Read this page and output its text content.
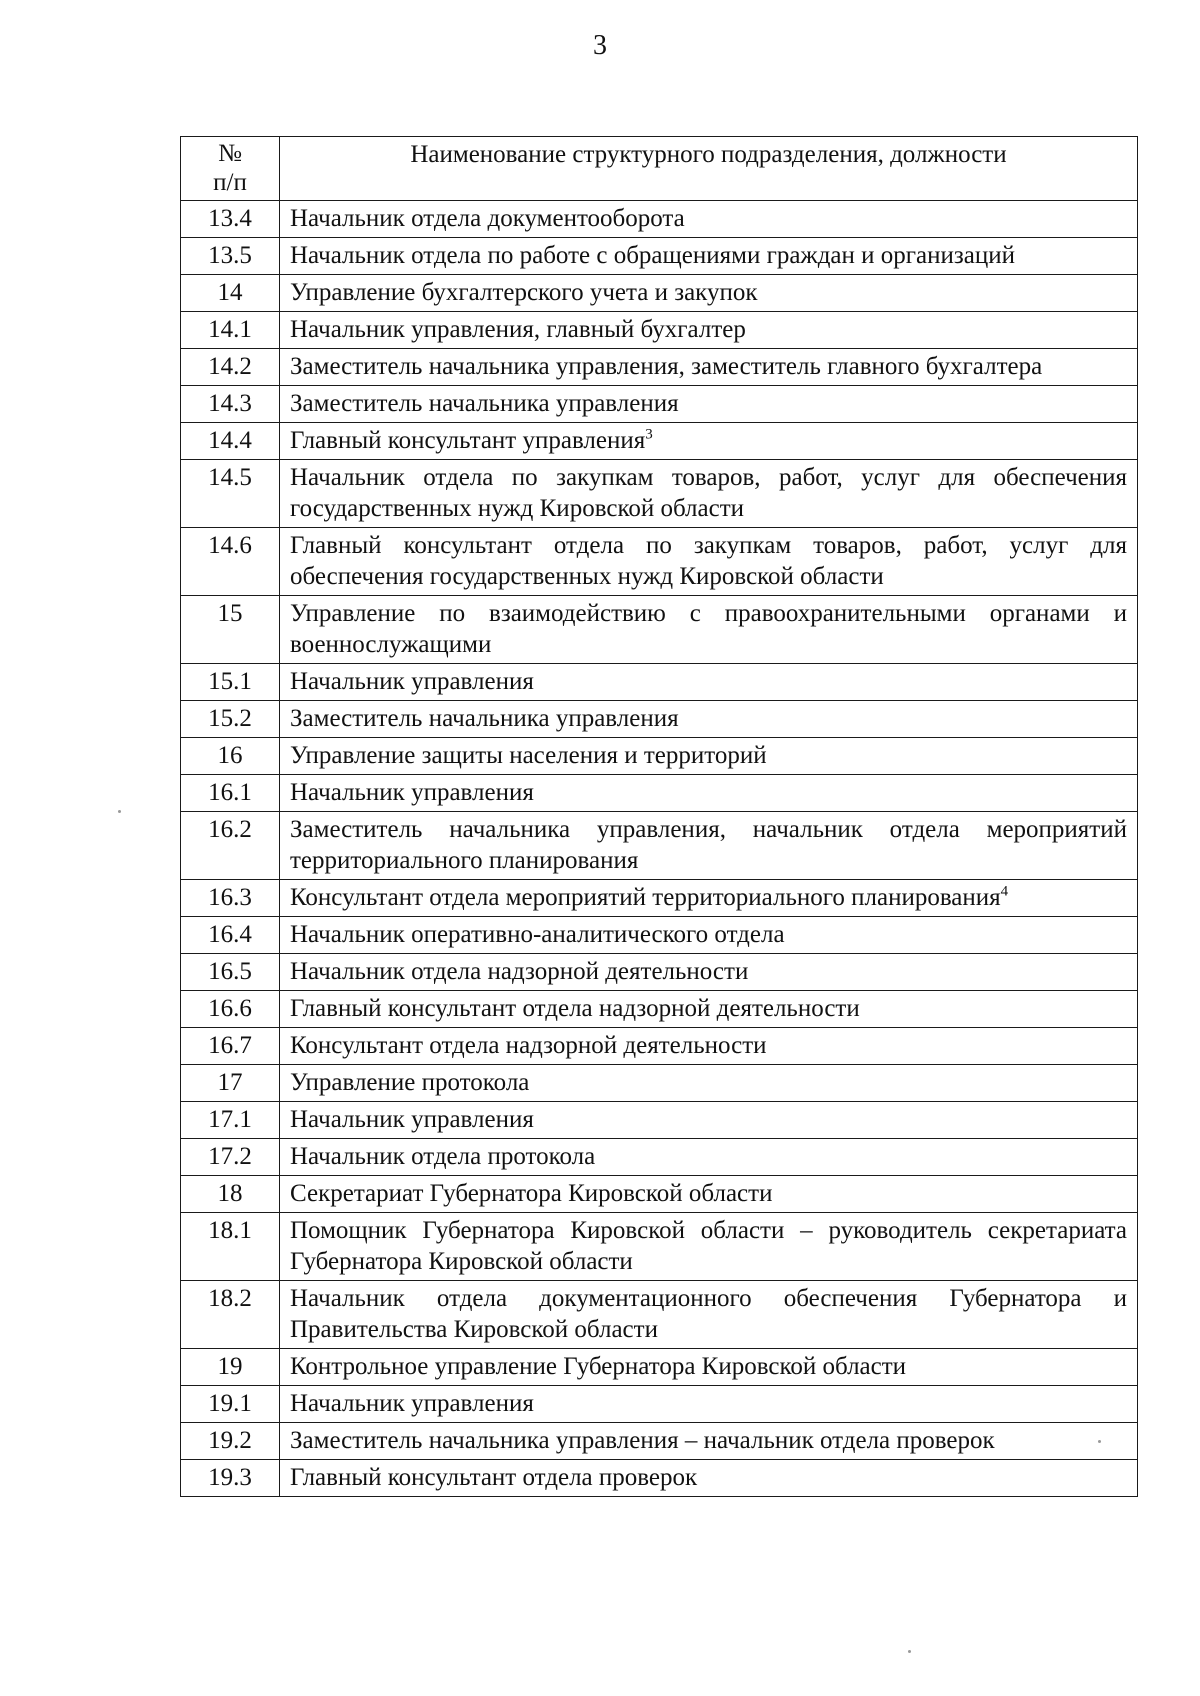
3
№
п/п	Наименование структурного подразделения, должности
13.4	Начальник отдела документооборота
13.5	Начальник отдела по работе с обращениями граждан и организаций
14	Управление бухгалтерского учета и закупок
14.1	Начальник управления, главный бухгалтер
14.2	Заместитель начальника управления, заместитель главного бухгалтера
14.3	Заместитель начальника управления
14.4	Главный консультант управления$^3$
14.5	Начальник отдела по закупкам товаров, работ, услуг для обеспечения государственных нужд Кировской области
14.6	Главный консультант отдела по закупкам товаров, работ, услуг для обеспечения государственных нужд Кировской области
15	Управление по взаимодействию с правоохранительными органами и военнослужащими
15.1	Начальник управления
15.2	Заместитель начальника управления
16	Управление защиты населения и территорий
16.1	Начальник управления
16.2	Заместитель начальника управления, начальник отдела мероприятий территориального планирования
16.3	Консультант отдела мероприятий территориального планирования$^4$
16.4	Начальник оперативно-аналитического отдела
16.5	Начальник отдела надзорной деятельности
16.6	Главный консультант отдела надзорной деятельности
16.7	Консультант отдела надзорной деятельности
17	Управление протокола
17.1	Начальник управления
17.2	Начальник отдела протокола
18	Секретариат Губернатора Кировской области
18.1	Помощник Губернатора Кировской области – руководитель секретариата Губернатора Кировской области
18.2	Начальник отдела документационного обеспечения Губернатора и Правительства Кировской области
19	Контрольное управление Губернатора Кировской области
19.1	Начальник управления
19.2	Заместитель начальника управления – начальник отдела проверок
19.3	Главный консультант отдела проверок
